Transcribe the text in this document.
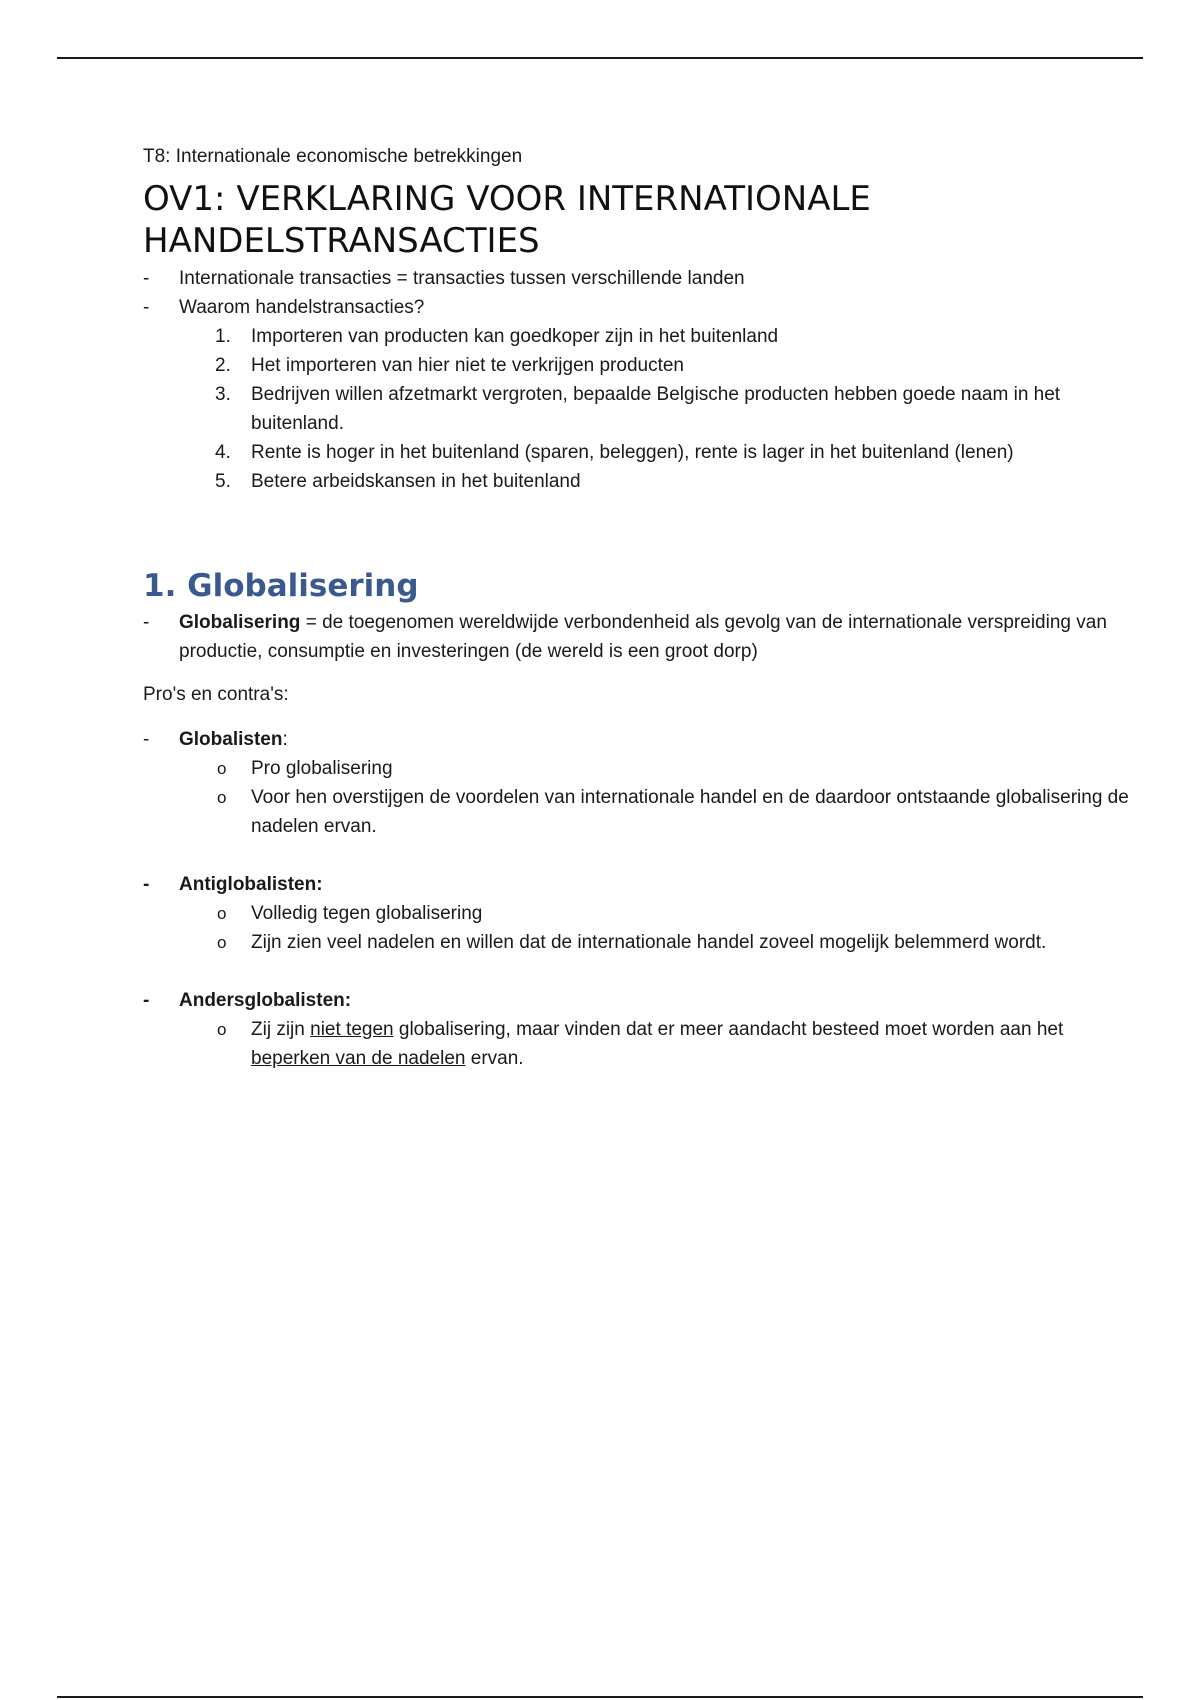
T8: Internationale economische betrekkingen

OV1: VERKLARING VOOR INTERNATIONALE
HANDELSTRANSACTIES
- Internationale transacties = transacties tussen verschillende landen
- Waarom handelstransacties?
1.	Importeren van producten kan goedkoper zijn in het buitenland
2.	Het importeren van hier niet te verkrijgen producten
3.	Bedrijven willen afzetmarkt vergroten, bepaalde Belgische producten hebben goede naam in het buitenland.
4.	Rente is hoger in het buitenland (sparen, beleggen), rente is lager in het buitenland (lenen)
5.	Betere arbeidskansen in het buitenland
1. Globalisering
- Globalisering = de toegenomen wereldwijde verbondenheid als gevolg van de internationale verspreiding van productie, consumptie en investeringen (de wereld is een groot dorp)

Pro's en contra's:

- Globalisten:
o	Pro globalisering
o	Voor hen overstijgen de voordelen van internationale handel en de daardoor ontstaande globalisering de nadelen ervan.
- Antiglobalisten:
o	Volledig tegen globalisering
o	Zijn zien veel nadelen en willen dat de internationale handel zoveel mogelijk belemmerd wordt.
- Andersglobalisten:
o	Zij zijn niet tegen globalisering, maar vinden dat er meer aandacht besteed moet worden aan het beperken van de nadelen ervan.
